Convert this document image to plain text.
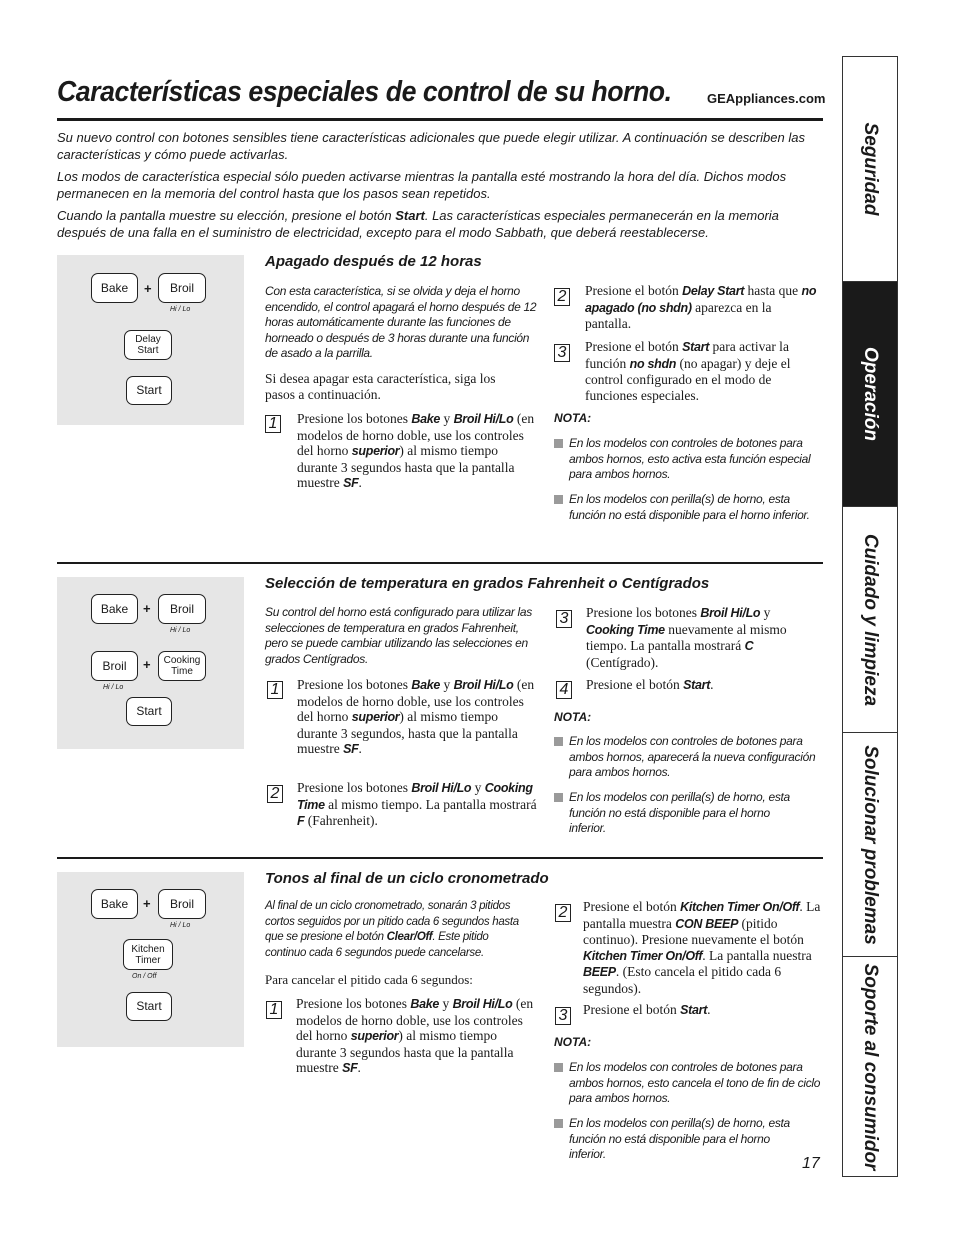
Características especiales de control de su horno.	GEAppliances.com
Su nuevo control con botones sensibles tiene características adicionales que puede elegir utilizar. A continuación se describen las características y cómo puede activarlas.
Los modos de característica especial sólo pueden activarse mientras la pantalla esté mostrando la hora del día. Dichos modos permanecen en la memoria del control hasta que los pasos sean repetidos.
Cuando la pantalla muestre su elección, presione el botón Start. Las características especiales permanecerán en la memoria después de una falla en el suministro de electricidad, excepto para el modo Sabbath, que deberá reestablecerse.
Bake	+	Broil
Hi / Lo
Delay
Start
Start
Apagado después de 12 horas
Con esta característica, si se olvida y deja el horno encendido, el control apagará el horno después de 12 horas automáticamente durante las funciones de horneado o después de 3 horas durante una función de asado a la parrilla.
Si desea apagar esta característica, siga los pasos a continuación.
1 Presione los botones Bake y Broil Hi/Lo (en modelos de horno doble, use los controles del horno superior) al mismo tiempo durante 3 segundos hasta que la pantalla muestre SF.
2 Presione el botón Delay Start hasta que no apagado (no shdn) aparezca en la pantalla.
3 Presione el botón Start para activar la función no shdn (no apagar) y deje el control configurado en el modo de funciones especiales.
NOTA:
En los modelos con controles de botones para ambos hornos, esto activa esta función especial para ambos hornos.
En los modelos con perilla(s) de horno, esta función no está disponible para el horno inferior.
Bake	+	Broil
Hi / Lo
Broil
Hi / Lo
+ Cooking
Time
Start
Selección de temperatura en grados Fahrenheit o Centígrados
Su control del horno está configurado para utilizar las selecciones de temperatura en grados Fahrenheit, pero se puede cambiar utilizando las selecciones en grados Centígrados.
1 Presione los botones Bake y Broil Hi/Lo (en modelos de horno doble, use los controles del horno superior) al mismo tiempo durante 3 segundos, hasta que la pantalla muestre SF.
2 Presione los botones Broil Hi/Lo y Cooking Time al mismo tiempo. La pantalla mostrará F (Fahrenheit).
3 Presione los botones Broil Hi/Lo y Cooking Time nuevamente al mismo tiempo. La pantalla mostrará C (Centígrado).
4 Presione el botón Start.
NOTA:
En los modelos con controles de botones para ambos hornos, aparecerá la nueva configuración para ambos hornos.
En los modelos con perilla(s) de horno, esta función no está disponible para el horno inferior.
Bake	+	Broil
Hi / Lo
Kitchen
Timer
On / Off
Start
Tonos al final de un ciclo cronometrado
Al final de un ciclo cronometrado, sonarán 3 pitidos cortos seguidos por un pitido cada 6 segundos hasta que se presione el botón Clear/Off. Este pitido continuo cada 6 segundos puede cancelarse.
Para cancelar el pitido cada 6 segundos:
1 Presione los botones Bake y Broil Hi/Lo (en modelos de horno doble, use los controles del horno superior) al mismo tiempo durante 3 segundos hasta que la pantalla muestre SF.
2 Presione el botón Kitchen Timer On/Off. La pantalla muestra CON BEEP (pitido continuo). Presione nuevamente el botón Kitchen Timer On/Off. La pantalla nuestra BEEP. (Esto cancela el pitido cada 6 segundos).
3 Presione el botón Start.
NOTA:
En los modelos con controles de botones para ambos hornos, esto cancela el tono de fin de ciclo para ambos hornos.
En los modelos con perilla(s) de horno, esta función no está disponible para el horno inferior.
17
Seguridad
Operación
Cuidado y limpieza
Solucionar problemas
Soporte al consumidor
